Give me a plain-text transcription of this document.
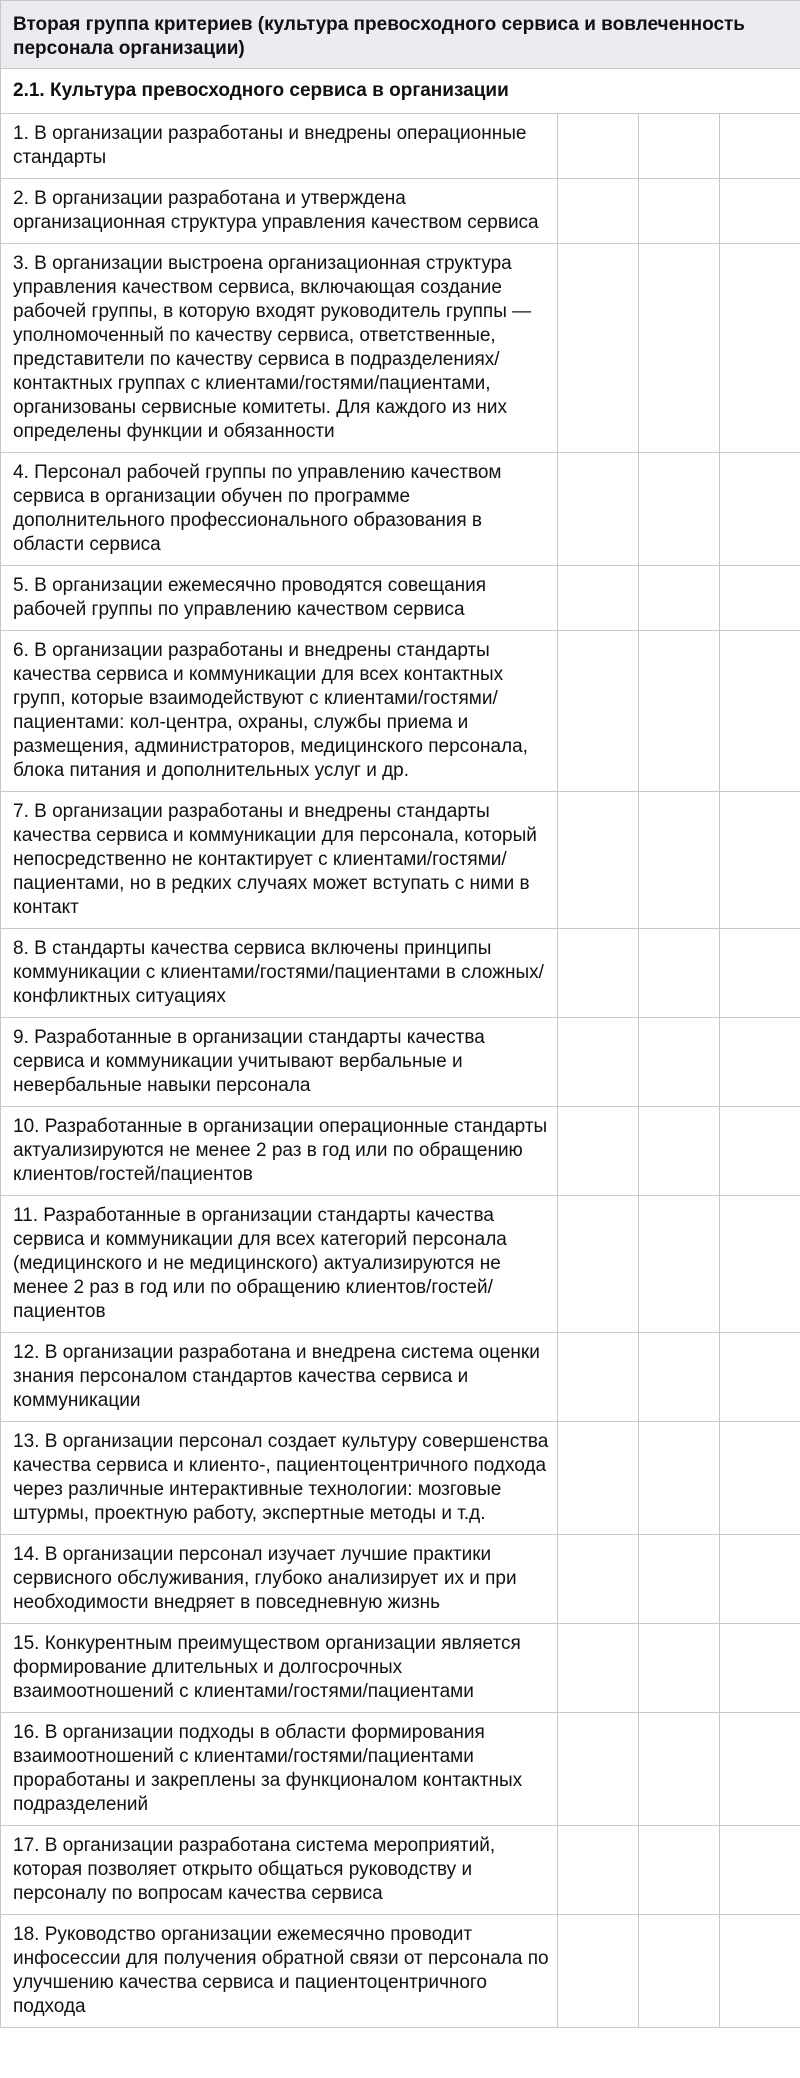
Вторая группа критериев (культура превосходного сервиса и вовлеченность персонала организации)			
2.1. Культура превосходного сервиса в организации			
1. В организации разработаны и внедрены операционные стандарты			
2. В организации разработана и утверждена организационная структура управления качеством сервиса			
3. В организации выстроена организационная структура управления качеством сервиса, включающая создание рабочей группы, в которую входят руководитель группы — уполномоченный по качеству сервиса, ответственные, представители по качеству сервиса в подразделениях/контактных группах с клиентами/гостями/пациентами, организованы сервисные комитеты. Для каждого из них определены функции и обязанности			
4. Персонал рабочей группы по управлению качеством сервиса в организации обучен по программе дополнительного профессионального образования в области сервиса			
5. В организации ежемесячно проводятся совещания рабочей группы по управлению качеством сервиса			
6. В организации разработаны и внедрены стандарты качества сервиса и коммуникации для всех контактных групп, которые взаимодействуют с клиентами/гостями/пациентами: кол-центра, охраны, службы приема и размещения, администраторов, медицинского персонала, блока питания и дополнительных услуг и др.			
7. В организации разработаны и внедрены стандарты качества сервиса и коммуникации для персонала, который непосредственно не контактирует с клиентами/гостями/пациентами, но в редких случаях может вступать с ними в контакт			
8. В стандарты качества сервиса включены принципы коммуникации с клиентами/гостями/пациентами в сложных/конфликтных ситуациях			
9. Разработанные в организации стандарты качества сервиса и коммуникации учитывают вербальные и невербальные навыки персонала			
10. Разработанные в организации операционные стандарты актуализируются не менее 2 раз в год или по обращению клиентов/гостей/пациентов			
11. Разработанные в организации стандарты качества сервиса и коммуникации для всех категорий персонала (медицинского и не медицинского) актуализируются не менее 2 раз в год или по обращению клиентов/гостей/пациентов			
12. В организации разработана и внедрена система оценки знания персоналом стандартов качества сервиса и коммуникации			
13. В организации персонал создает культуру совершенства качества сервиса и клиенто-, пациентоцентричного подхода через различные интерактивные технологии: мозговые штурмы, проектную работу, экспертные методы и т.д.			
14. В организации персонал изучает лучшие практики сервисного обслуживания, глубоко анализирует их и при необходимости внедряет в повседневную жизнь			
15. Конкурентным преимуществом организации является формирование длительных и долгосрочных взаимоотношений с клиентами/гостями/пациентами			
16. В организации подходы в области формирования взаимоотношений с клиентами/гостями/пациентами проработаны и закреплены за функционалом контактных подразделений			
17. В организации разработана система мероприятий, которая позволяет открыто общаться руководству и персоналу по вопросам качества сервиса			
18. Руководство организации ежемесячно проводит инфосессии для получения обратной связи от персонала по улучшению качества сервиса и пациентоцентричного подхода			
